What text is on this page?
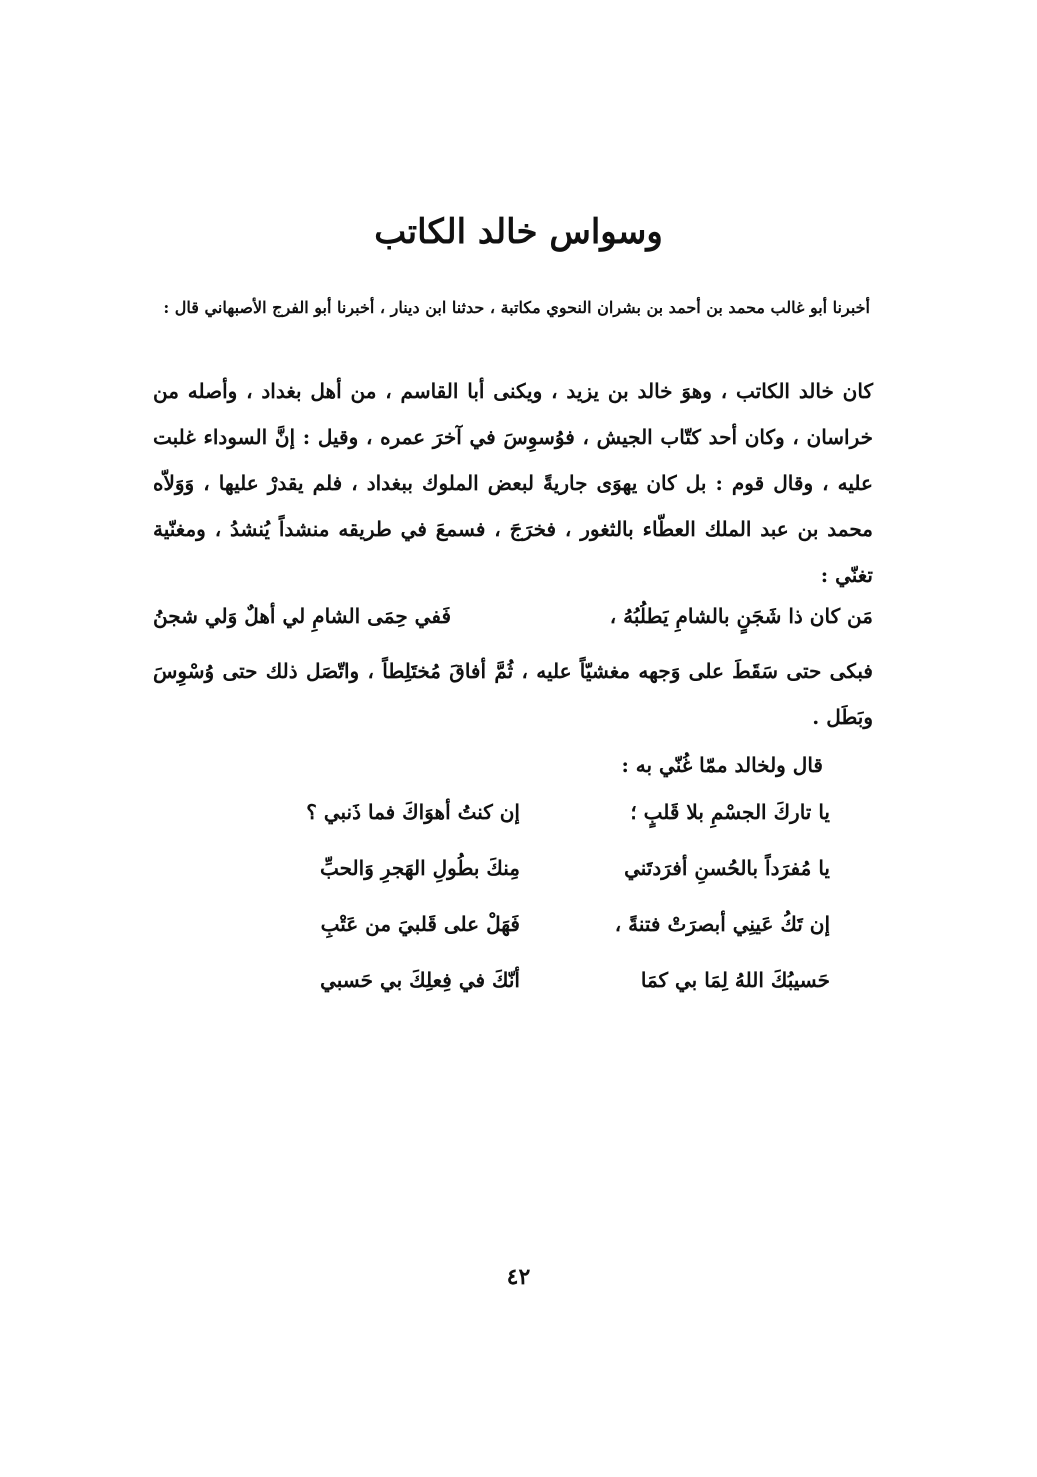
وسواس خالد الكاتب
أخبرنا أبو غالب محمد بن أحمد بن بشران النحوي مكاتبة ، حدثنا ابن دينار ، أخبرنا أبو الفرج الأصبهاني قال :
كان خالد الكاتب ، وهوَ خالد بن يزيد ، ويكنى أبا القاسم ، من أهل بغداد ، وأصله من خراسان ، وكان أحد كتّاب الجيش ، فوُسوِسَ في آخرَ عمره ، وقيل : إنَّ السوداء غلبت عليه ، وقال قوم : بل كان يهوَى جاريةً لبعض الملوك ببغداد ، فلم يقدرْ عليها ، وَوَلاّه محمد بن عبد الملك العطّاء بالثغور ، فخرَجَ ، فسمعَ في طريقه منشداً يُنشدُ ، ومغنّية تغنّي :
مَن كان ذا شَجَنٍ بالشامِ يَطلُبُهُ ،
فَفي حِمَى الشامِ لي أهلٌ وَلي شجنُ
فبكى حتى سَقَطَ على وَجهه مغشيّاً عليه ، ثُمَّ أفاقَ مُختَلِطاً ، واتّصَل ذلك حتى وُسْوِسَ وبَطَل .
قال ولخالد ممّا غُنّي به :
يا تاركَ الجسْمِ بلا قَلبٍ ؛
إن كنتُ أهوَاكَ فما ذَنبي ؟
يا مُفرَداً بالحُسنِ أفرَدتَني
مِنكَ بطُولِ الهَجرِ وَالحبِّ
إن تَكُ عَينِي أبصرَتْ فتنةً ،
فَهَلْ على قَلبيَ من عَتْبِ
حَسيبُكَ اللهُ لِمَا بي كمَا
أنّكَ في فِعلِكَ بي حَسبي
٤٢
